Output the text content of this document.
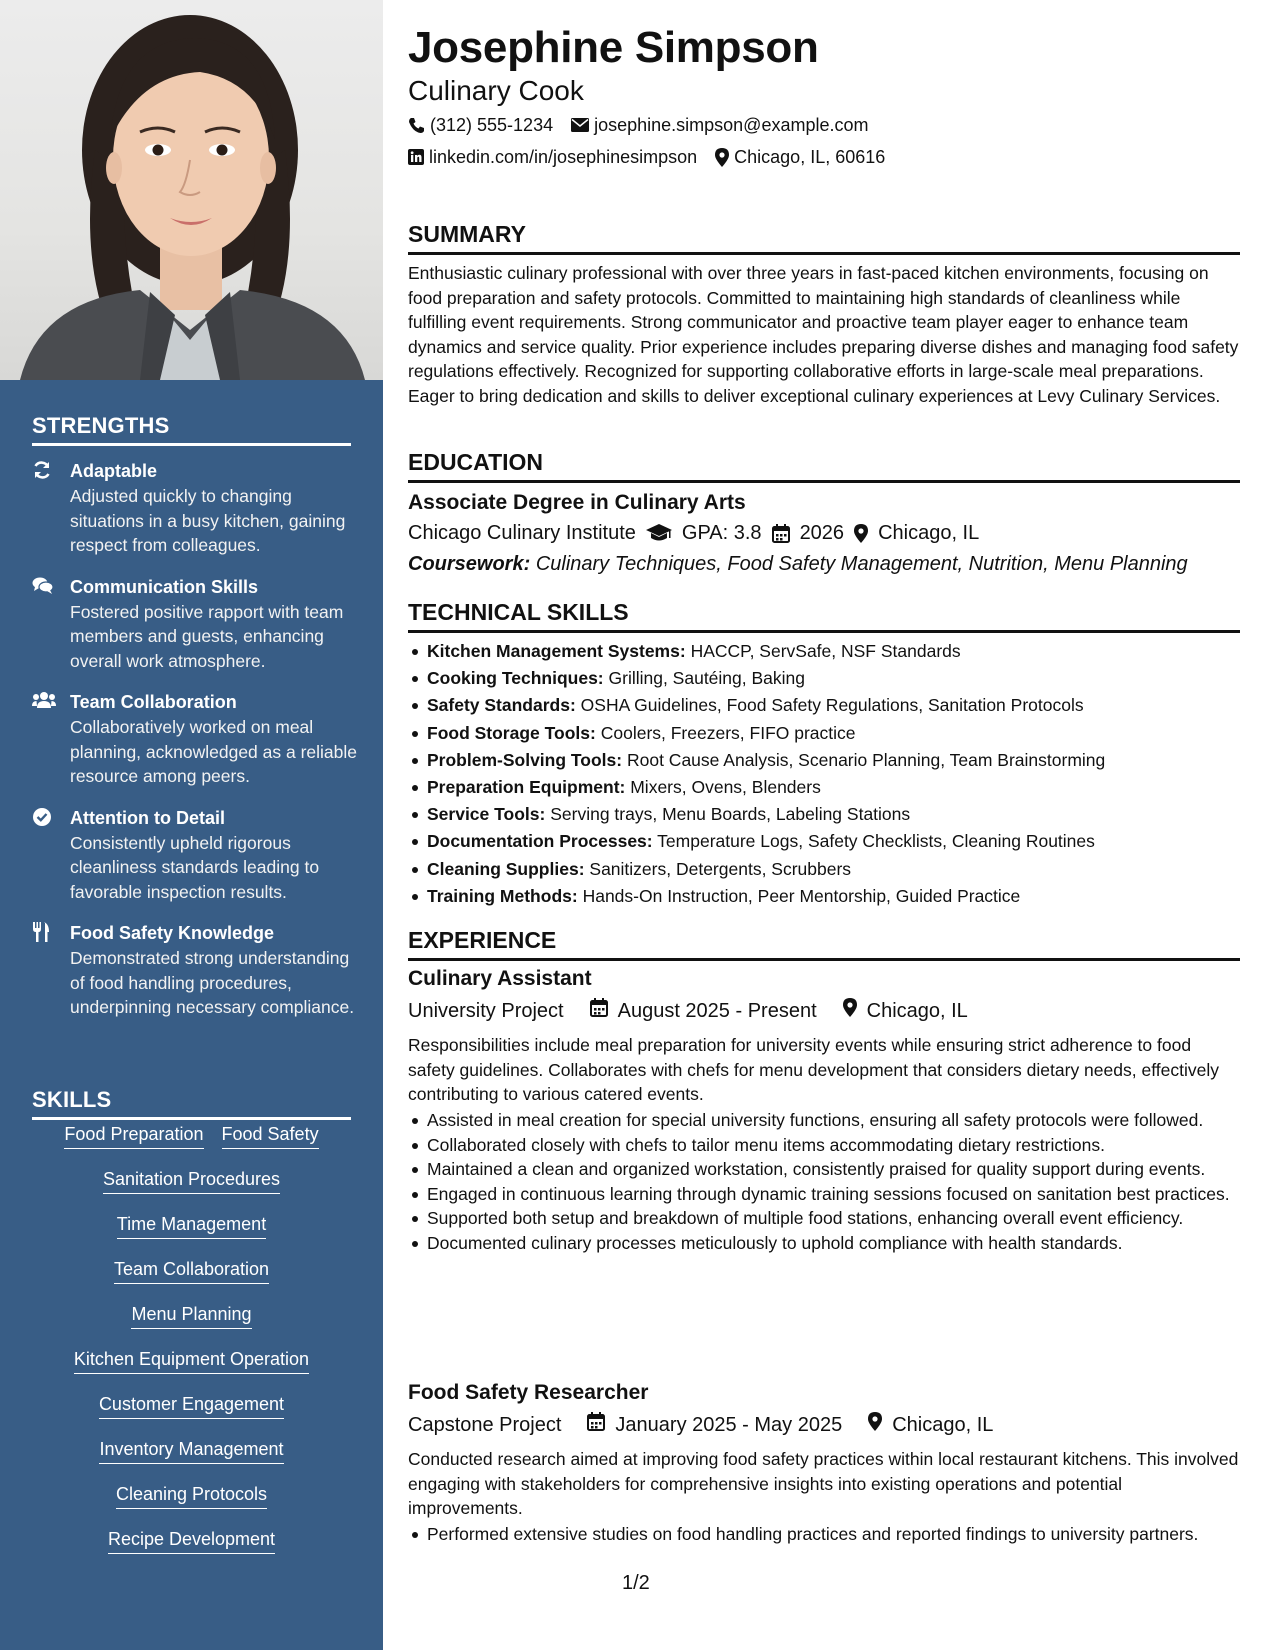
STRENGTHS
Adaptable
Adjusted quickly to changing situations in a busy kitchen, gaining respect from colleagues.
Communication Skills
Fostered positive rapport with team members and guests, enhancing overall work atmosphere.
Team Collaboration
Collaboratively worked on meal planning, acknowledged as a reliable resource among peers.
Attention to Detail
Consistently upheld rigorous cleanliness standards leading to favorable inspection results.
Food Safety Knowledge
Demonstrated strong understanding of food handling procedures, underpinning necessary compliance.
SKILLS
Food Preparation Food Safety
Sanitation Procedures
Time Management
Team Collaboration
Menu Planning
Kitchen Equipment Operation
Customer Engagement
Inventory Management
Cleaning Protocols
Recipe Development
Josephine Simpson
Culinary Cook
(312) 555-1234 josephine.simpson@example.com
linkedin.com/in/josephinesimpson Chicago, IL, 60616
SUMMARY
Enthusiastic culinary professional with over three years in fast-paced kitchen environments, focusing on food preparation and safety protocols. Committed to maintaining high standards of cleanliness while fulfilling event requirements. Strong communicator and proactive team player eager to enhance team dynamics and service quality. Prior experience includes preparing diverse dishes and managing food safety regulations effectively. Recognized for supporting collaborative efforts in large-scale meal preparations. Eager to bring dedication and skills to deliver exceptional culinary experiences at Levy Culinary Services.
EDUCATION
Associate Degree in Culinary Arts
Chicago Culinary Institute GPA: 3.8 2026 Chicago, IL
Coursework: Culinary Techniques, Food Safety Management, Nutrition, Menu Planning
TECHNICAL SKILLS
Kitchen Management Systems: HACCP, ServSafe, NSF Standards
Cooking Techniques: Grilling, Sautéing, Baking
Safety Standards: OSHA Guidelines, Food Safety Regulations, Sanitation Protocols
Food Storage Tools: Coolers, Freezers, FIFO practice
Problem-Solving Tools: Root Cause Analysis, Scenario Planning, Team Brainstorming
Preparation Equipment: Mixers, Ovens, Blenders
Service Tools: Serving trays, Menu Boards, Labeling Stations
Documentation Processes: Temperature Logs, Safety Checklists, Cleaning Routines
Cleaning Supplies: Sanitizers, Detergents, Scrubbers
Training Methods: Hands-On Instruction, Peer Mentorship, Guided Practice
EXPERIENCE
Culinary Assistant
University Project	August 2025 - Present	Chicago, IL
Responsibilities include meal preparation for university events while ensuring strict adherence to food safety guidelines. Collaborates with chefs for menu development that considers dietary needs, effectively contributing to various catered events.
Assisted in meal creation for special university functions, ensuring all safety protocols were followed.
Collaborated closely with chefs to tailor menu items accommodating dietary restrictions.
Maintained a clean and organized workstation, consistently praised for quality support during events.
Engaged in continuous learning through dynamic training sessions focused on sanitation best practices.
Supported both setup and breakdown of multiple food stations, enhancing overall event efficiency.
Documented culinary processes meticulously to uphold compliance with health standards.
Food Safety Researcher
Capstone Project	January 2025 - May 2025	Chicago, IL
Conducted research aimed at improving food safety practices within local restaurant kitchens. This involved engaging with stakeholders for comprehensive insights into existing operations and potential improvements.
Performed extensive studies on food handling practices and reported findings to university partners.
1/2
